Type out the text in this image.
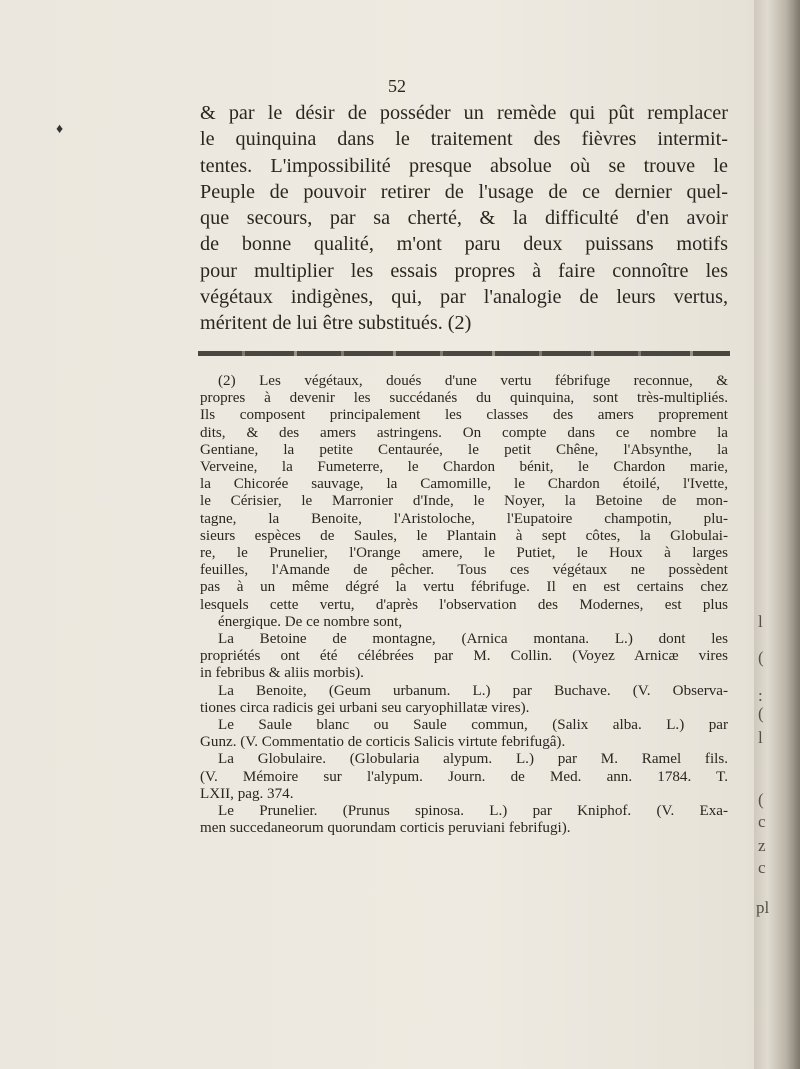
♦
52
& par le désir de posséder un remède qui pût remplacer
le quinquina dans le traitement des fièvres intermit-
tentes. L'impossibilité presque absolue où se trouve le
Peuple de pouvoir retirer de l'usage de ce dernier quel-
que secours, par sa cherté, & la difficulté d'en avoir
de bonne qualité, m'ont paru deux puissans motifs
pour multiplier les essais propres à faire connoître les
végétaux indigènes, qui, par l'analogie de leurs vertus,
méritent de lui être substitués. (2)
(2) Les végétaux, doués d'une vertu fébrifuge reconnue, &
propres à devenir les succédanés du quinquina, sont très-multipliés.
Ils composent principalement les classes des amers proprement
dits, & des amers astringens. On compte dans ce nombre la
Gentiane, la petite Centaurée, le petit Chêne, l'Absynthe, la
Verveine, la Fumeterre, le Chardon bénit, le Chardon marie,
la Chicorée sauvage, la Camomille, le Chardon étoilé, l'Ivette,
le Cérisier, le Marronier d'Inde, le Noyer, la Betoine de mon-
tagne, la Benoite, l'Aristoloche, l'Eupatoire champotin, plu-
sieurs espèces de Saules, le Plantain à sept côtes, la Globulai-
re, le Prunelier, l'Orange amere, le Putiet, le Houx à larges
feuilles, l'Amande de pêcher. Tous ces végétaux ne possèdent
pas à un même dégré la vertu fébrifuge. Il en est certains chez
lesquels cette vertu, d'après l'observation des Modernes, est plus
énergique. De ce nombre sont,
La Betoine de montagne, (Arnica montana. L.) dont les
propriétés ont été célébrées par M. Collin. (Voyez Arnicæ vires
in febribus & aliis morbis).
La Benoite, (Geum urbanum. L.) par Buchave. (V. Observa-
tiones circa radicis gei urbani seu caryophillatæ vires).
Le Saule blanc ou Saule commun, (Salix alba. L.) par
Gunz. (V. Commentatio de corticis Salicis virtute febrifugâ).
La Globulaire. (Globularia alypum. L.) par M. Ramel fils.
(V. Mémoire sur l'alypum. Journ. de Med. ann. 1784. T.
LXII, pag. 374.
Le Prunelier. (Prunus spinosa. L.) par Kniphof. (V. Exa-
men succedaneorum quorundam corticis peruviani febrifugi).
l
(
:
(
l
(
c
z
c
pl
